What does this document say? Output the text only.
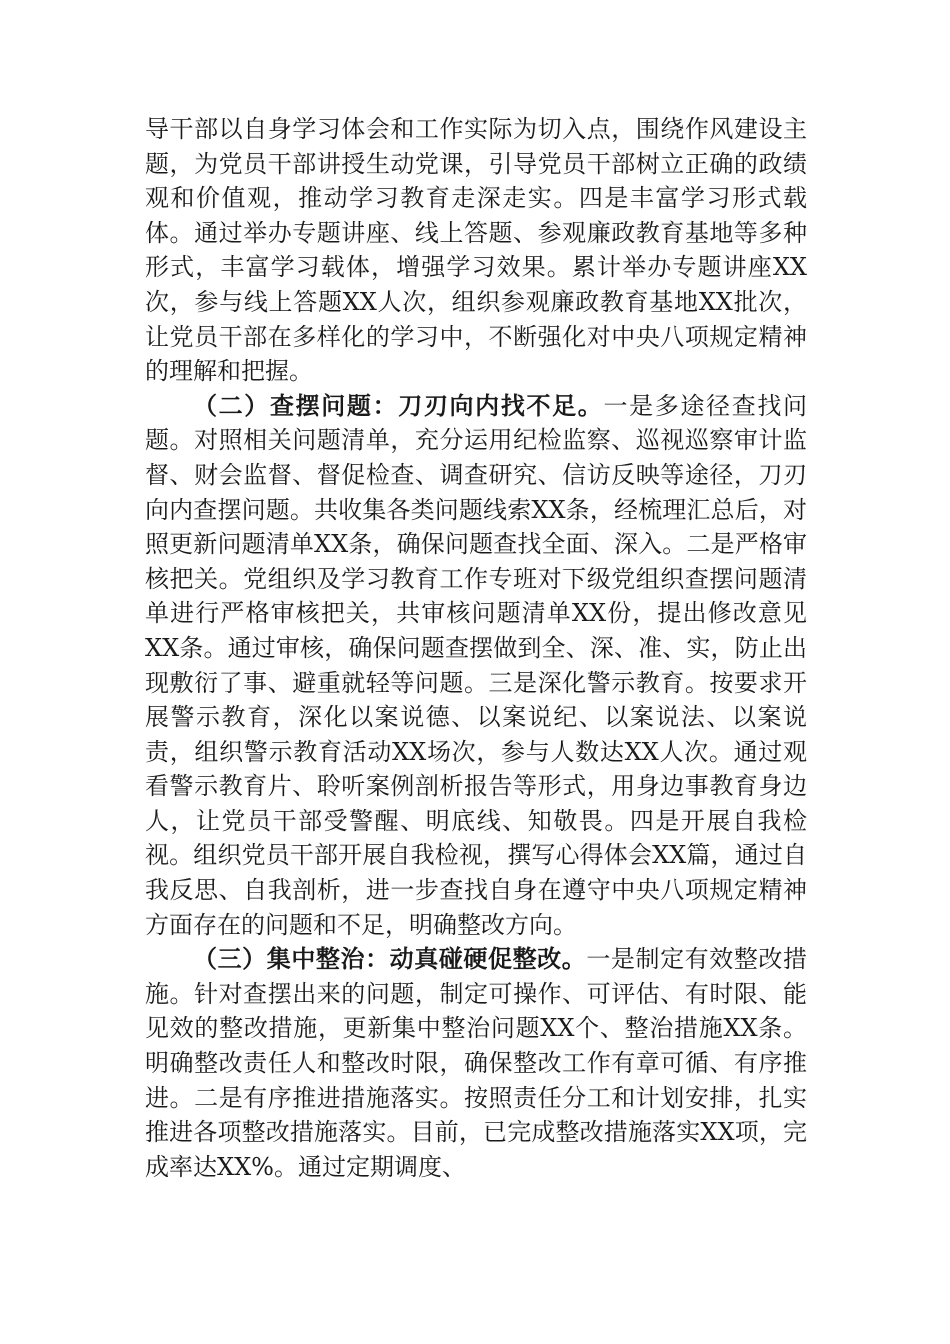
导干部以自身学习体会和工作实际为切入点，围绕作风建设主题，为党员干部讲授生动党课，引导党员干部树立正确的政绩观和价值观，推动学习教育走深走实。四是丰富学习形式载体。通过举办专题讲座、线上答题、参观廉政教育基地等多种形式，丰富学习载体，增强学习效果。累计举办专题讲座XX次，参与线上答题XX人次，组织参观廉政教育基地XX批次，让党员干部在多样化的学习中，不断强化对中央八项规定精神的理解和把握。

（二）查摆问题：刀刃向内找不足。一是多途径查找问题。对照相关问题清单，充分运用纪检监察、巡视巡察审计监督、财会监督、督促检查、调查研究、信访反映等途径，刀刃向内查摆问题。共收集各类问题线索XX条，经梳理汇总后，对照更新问题清单XX条，确保问题查找全面、深入。二是严格审核把关。党组织及学习教育工作专班对下级党组织查摆问题清单进行严格审核把关，共审核问题清单XX份，提出修改意见XX条。通过审核，确保问题查摆做到全、深、准、实，防止出现敷衍了事、避重就轻等问题。三是深化警示教育。按要求开展警示教育，深化以案说德、以案说纪、以案说法、以案说责，组织警示教育活动XX场次，参与人数达XX人次。通过观看警示教育片、聆听案例剖析报告等形式，用身边事教育身边人，让党员干部受警醒、明底线、知敬畏。四是开展自我检视。组织党员干部开展自我检视，撰写心得体会XX篇，通过自我反思、自我剖析，进一步查找自身在遵守中央八项规定精神方面存在的问题和不足，明确整改方向。

（三）集中整治：动真碰硬促整改。一是制定有效整改措施。针对查摆出来的问题，制定可操作、可评估、有时限、能见效的整改措施，更新集中整治问题XX个、整治措施XX条。明确整改责任人和整改时限，确保整改工作有章可循、有序推进。二是有序推进措施落实。按照责任分工和计划安排，扎实推进各项整改措施落实。目前，已完成整改措施落实XX项，完成率达XX%。通过定期调度、
